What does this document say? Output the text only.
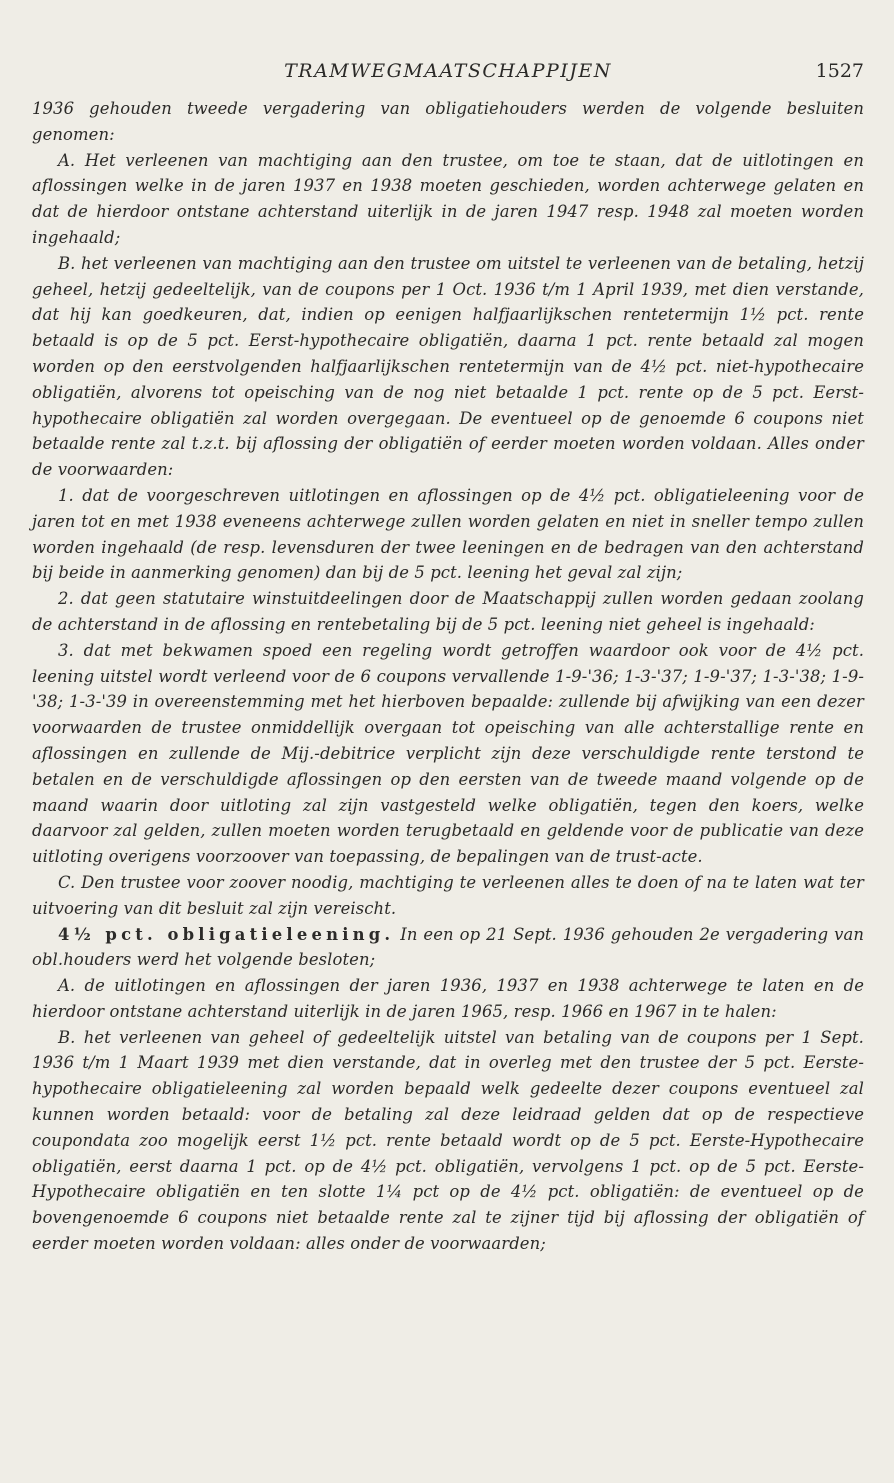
TRAMWEGMAATSCHAPPIJEN	1527

1936 gehouden tweede vergadering van obligatiehouders werden de volgende besluiten genomen:

A. Het verleenen van machtiging aan den trustee, om toe te staan, dat de uitlotingen en aflossingen welke in de jaren 1937 en 1938 moeten geschieden, worden achterwege gelaten en dat de hierdoor ontstane achterstand uiterlijk in de jaren 1947 resp. 1948 zal moeten worden ingehaald;

B. het verleenen van machtiging aan den trustee om uitstel te verleenen van de betaling, hetzij geheel, hetzij gedeeltelijk, van de coupons per 1 Oct. 1936 t/m 1 April 1939, met dien verstande, dat hij kan goedkeuren, dat, indien op eenigen halfjaarlijkschen rentetermijn 1½ pct. rente betaald is op de 5 pct. Eerst-hypothecaire obligatiën, daarna 1 pct. rente betaald zal mogen worden op den eerstvolgenden halfjaarlijkschen rentetermijn van de 4½ pct. niet-hypothecaire obligatiën, alvorens tot opeisching van de nog niet betaalde 1 pct. rente op de 5 pct. Eerst-hypothecaire obligatiën zal worden overgegaan. De eventueel op de genoemde 6 coupons niet betaalde rente zal t.z.t. bij aflossing der obligatiën of eerder moeten worden voldaan. Alles onder de voorwaarden:

1. dat de voorgeschreven uitlotingen en aflossingen op de 4½ pct. obligatieleening voor de jaren tot en met 1938 eveneens achterwege zullen worden gelaten en niet in sneller tempo zullen worden ingehaald (de resp. levensduren der twee leeningen en de bedragen van den achterstand bij beide in aanmerking genomen) dan bij de 5 pct. leening het geval zal zijn;

2. dat geen statutaire winstuitdeelingen door de Maatschappij zullen worden gedaan zoolang de achterstand in de aflossing en rentebetaling bij de 5 pct. leening niet geheel is ingehaald:

3. dat met bekwamen spoed een regeling wordt getroffen waardoor ook voor de 4½ pct. leening uitstel wordt verleend voor de 6 coupons vervallende 1-9-'36; 1-3-'37; 1-9-'37; 1-3-'38; 1-9-'38; 1-3-'39 in overeenstemming met het hierboven bepaalde: zullende bij afwijking van een dezer voorwaarden de trustee onmiddellijk overgaan tot opeisching van alle achterstallige rente en aflossingen en zullende de Mij.-debitrice verplicht zijn deze verschuldigde rente terstond te betalen en de verschuldigde aflossingen op den eersten van de tweede maand volgende op de maand waarin door uitloting zal zijn vastgesteld welke obligatiën, tegen den koers, welke daarvoor zal gelden, zullen moeten worden terugbetaald en geldende voor de publicatie van deze uitloting overigens voorzoover van toepassing, de bepalingen van de trust-acte.

C. Den trustee voor zoover noodig, machtiging te verleenen alles te doen of na te laten wat ter uitvoering van dit besluit zal zijn vereischt.

4½ pct. obligatieleening. In een op 21 Sept. 1936 gehouden 2e vergadering van obl.houders werd het volgende besloten;

A. de uitlotingen en aflossingen der jaren 1936, 1937 en 1938 achterwege te laten en de hierdoor ontstane achterstand uiterlijk in de jaren 1965, resp. 1966 en 1967 in te halen:

B. het verleenen van geheel of gedeeltelijk uitstel van betaling van de coupons per 1 Sept. 1936 t/m 1 Maart 1939 met dien verstande, dat in overleg met den trustee der 5 pct. Eerste-hypothecaire obligatieleening zal worden bepaald welk gedeelte dezer coupons eventueel zal kunnen worden betaald: voor de betaling zal deze leidraad gelden dat op de respectieve coupondata zoo mogelijk eerst 1½ pct. rente betaald wordt op de 5 pct. Eerste-Hypothecaire obligatiën, eerst daarna 1 pct. op de 4½ pct. obligatiën, vervolgens 1 pct. op de 5 pct. Eerste-Hypothecaire obligatiën en ten slotte 1¼ pct op de 4½ pct. obligatiën: de eventueel op de bovengenoemde 6 coupons niet betaalde rente zal te zijner tijd bij aflossing der obligatiën of eerder moeten worden voldaan: alles onder de voorwaarden;
